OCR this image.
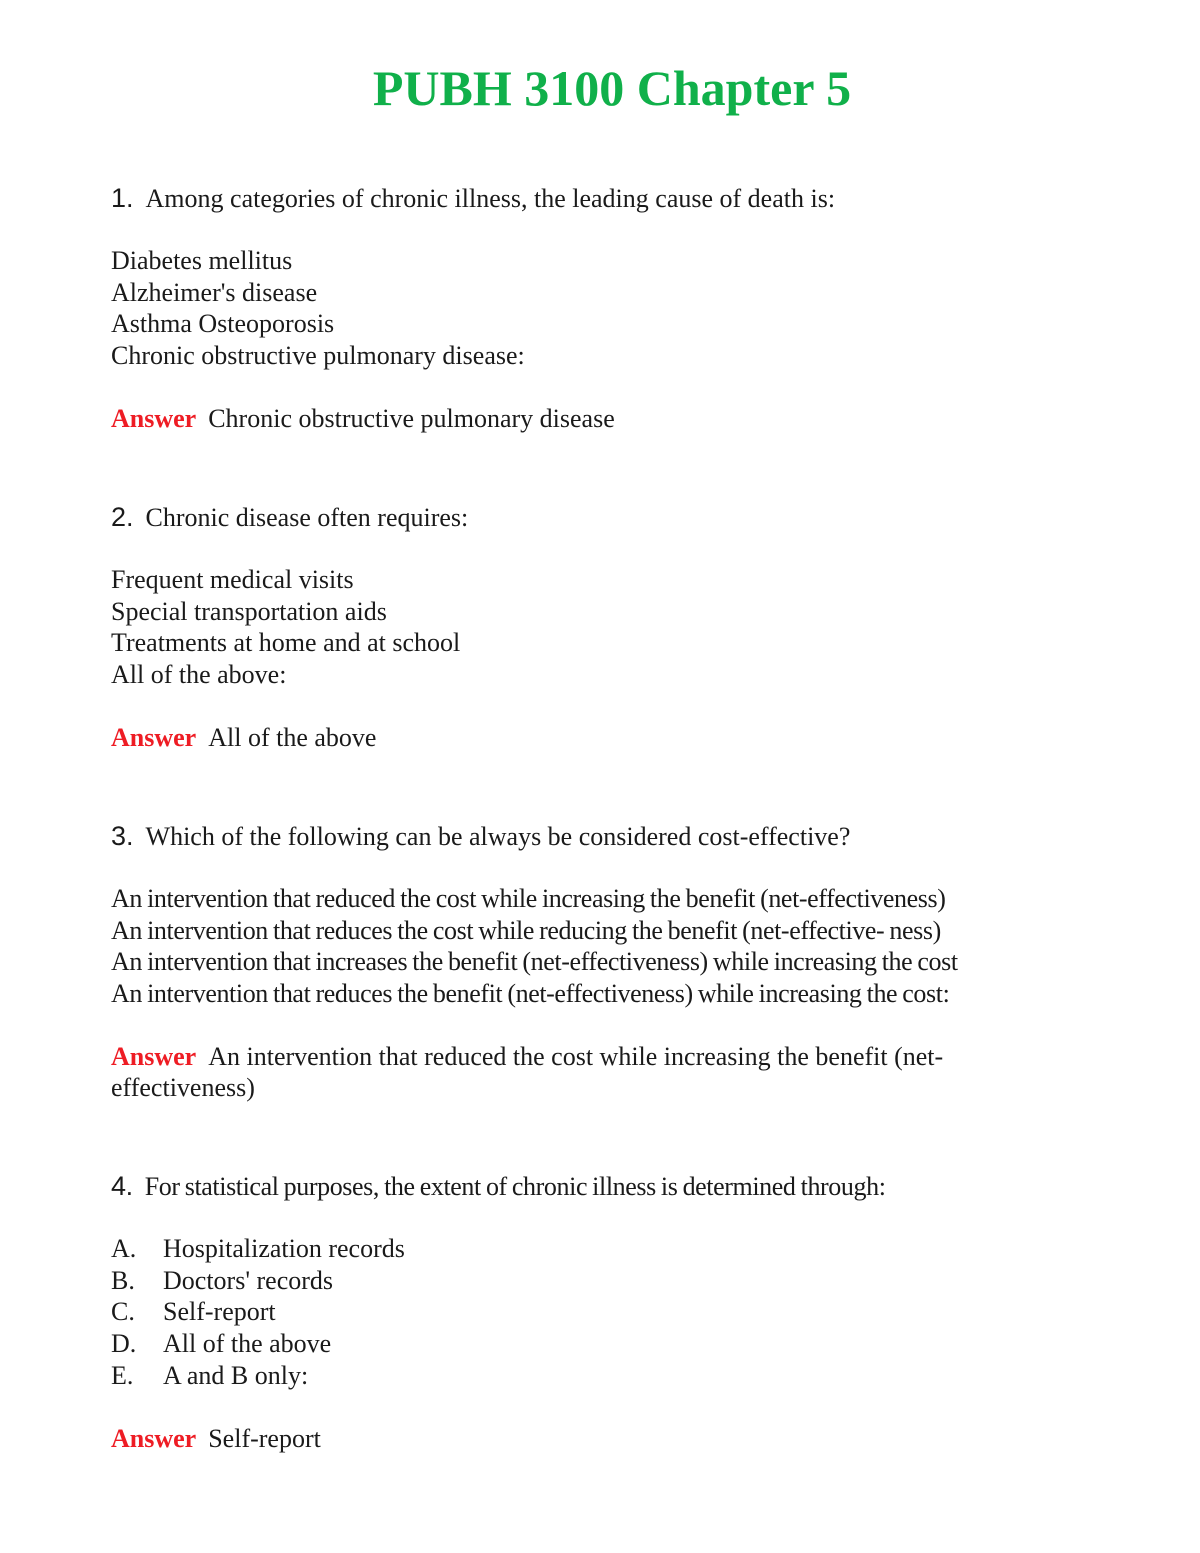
PUBH 3100 Chapter 5

1. Among categories of chronic illness, the leading cause of death is:

Diabetes mellitus
Alzheimer's disease
Asthma Osteoporosis
Chronic obstructive pulmonary disease:

Answer Chronic obstructive pulmonary disease

2. Chronic disease often requires:

Frequent medical visits
Special transportation aids
Treatments at home and at school
All of the above:

Answer All of the above

3. Which of the following can be always be considered cost-effective?

An intervention that reduced the cost while increasing the benefit (net-effectiveness)
An intervention that reduces the cost while reducing the benefit (net-effective- ness)
An intervention that increases the benefit (net-effectiveness) while increasing the cost
An intervention that reduces the benefit (net-effectiveness) while increasing the cost:

Answer An intervention that reduced the cost while increasing the benefit (net-effectiveness)

4. For statistical purposes, the extent of chronic illness is determined through:

A. Hospitalization records
B. Doctors' records
C. Self-report
D. All of the above
E. A and B only:

Answer Self-report
